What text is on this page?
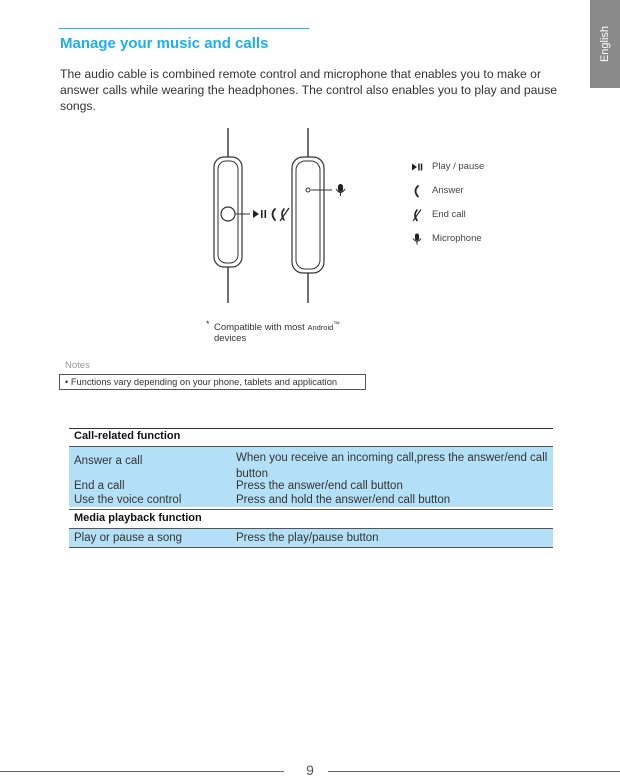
English
Manage your music and calls

The audio cable is combined remote control and microphone that enables you to make or answer calls while wearing the headphones. The control also enables you to play and pause songs.

Play / pause
Answer
End call
Microphone
* Compatible with most Android™
devices
Notes
• Functions vary depending on your phone, tablets and application
Call-related function
Answer a call	When you receive an incoming call,press the answer/end call button
End a call	Press the answer/end call button
Use the voice control	Press and hold the answer/end call button
Media playback function
Play or pause a song	Press the play/pause button
9
